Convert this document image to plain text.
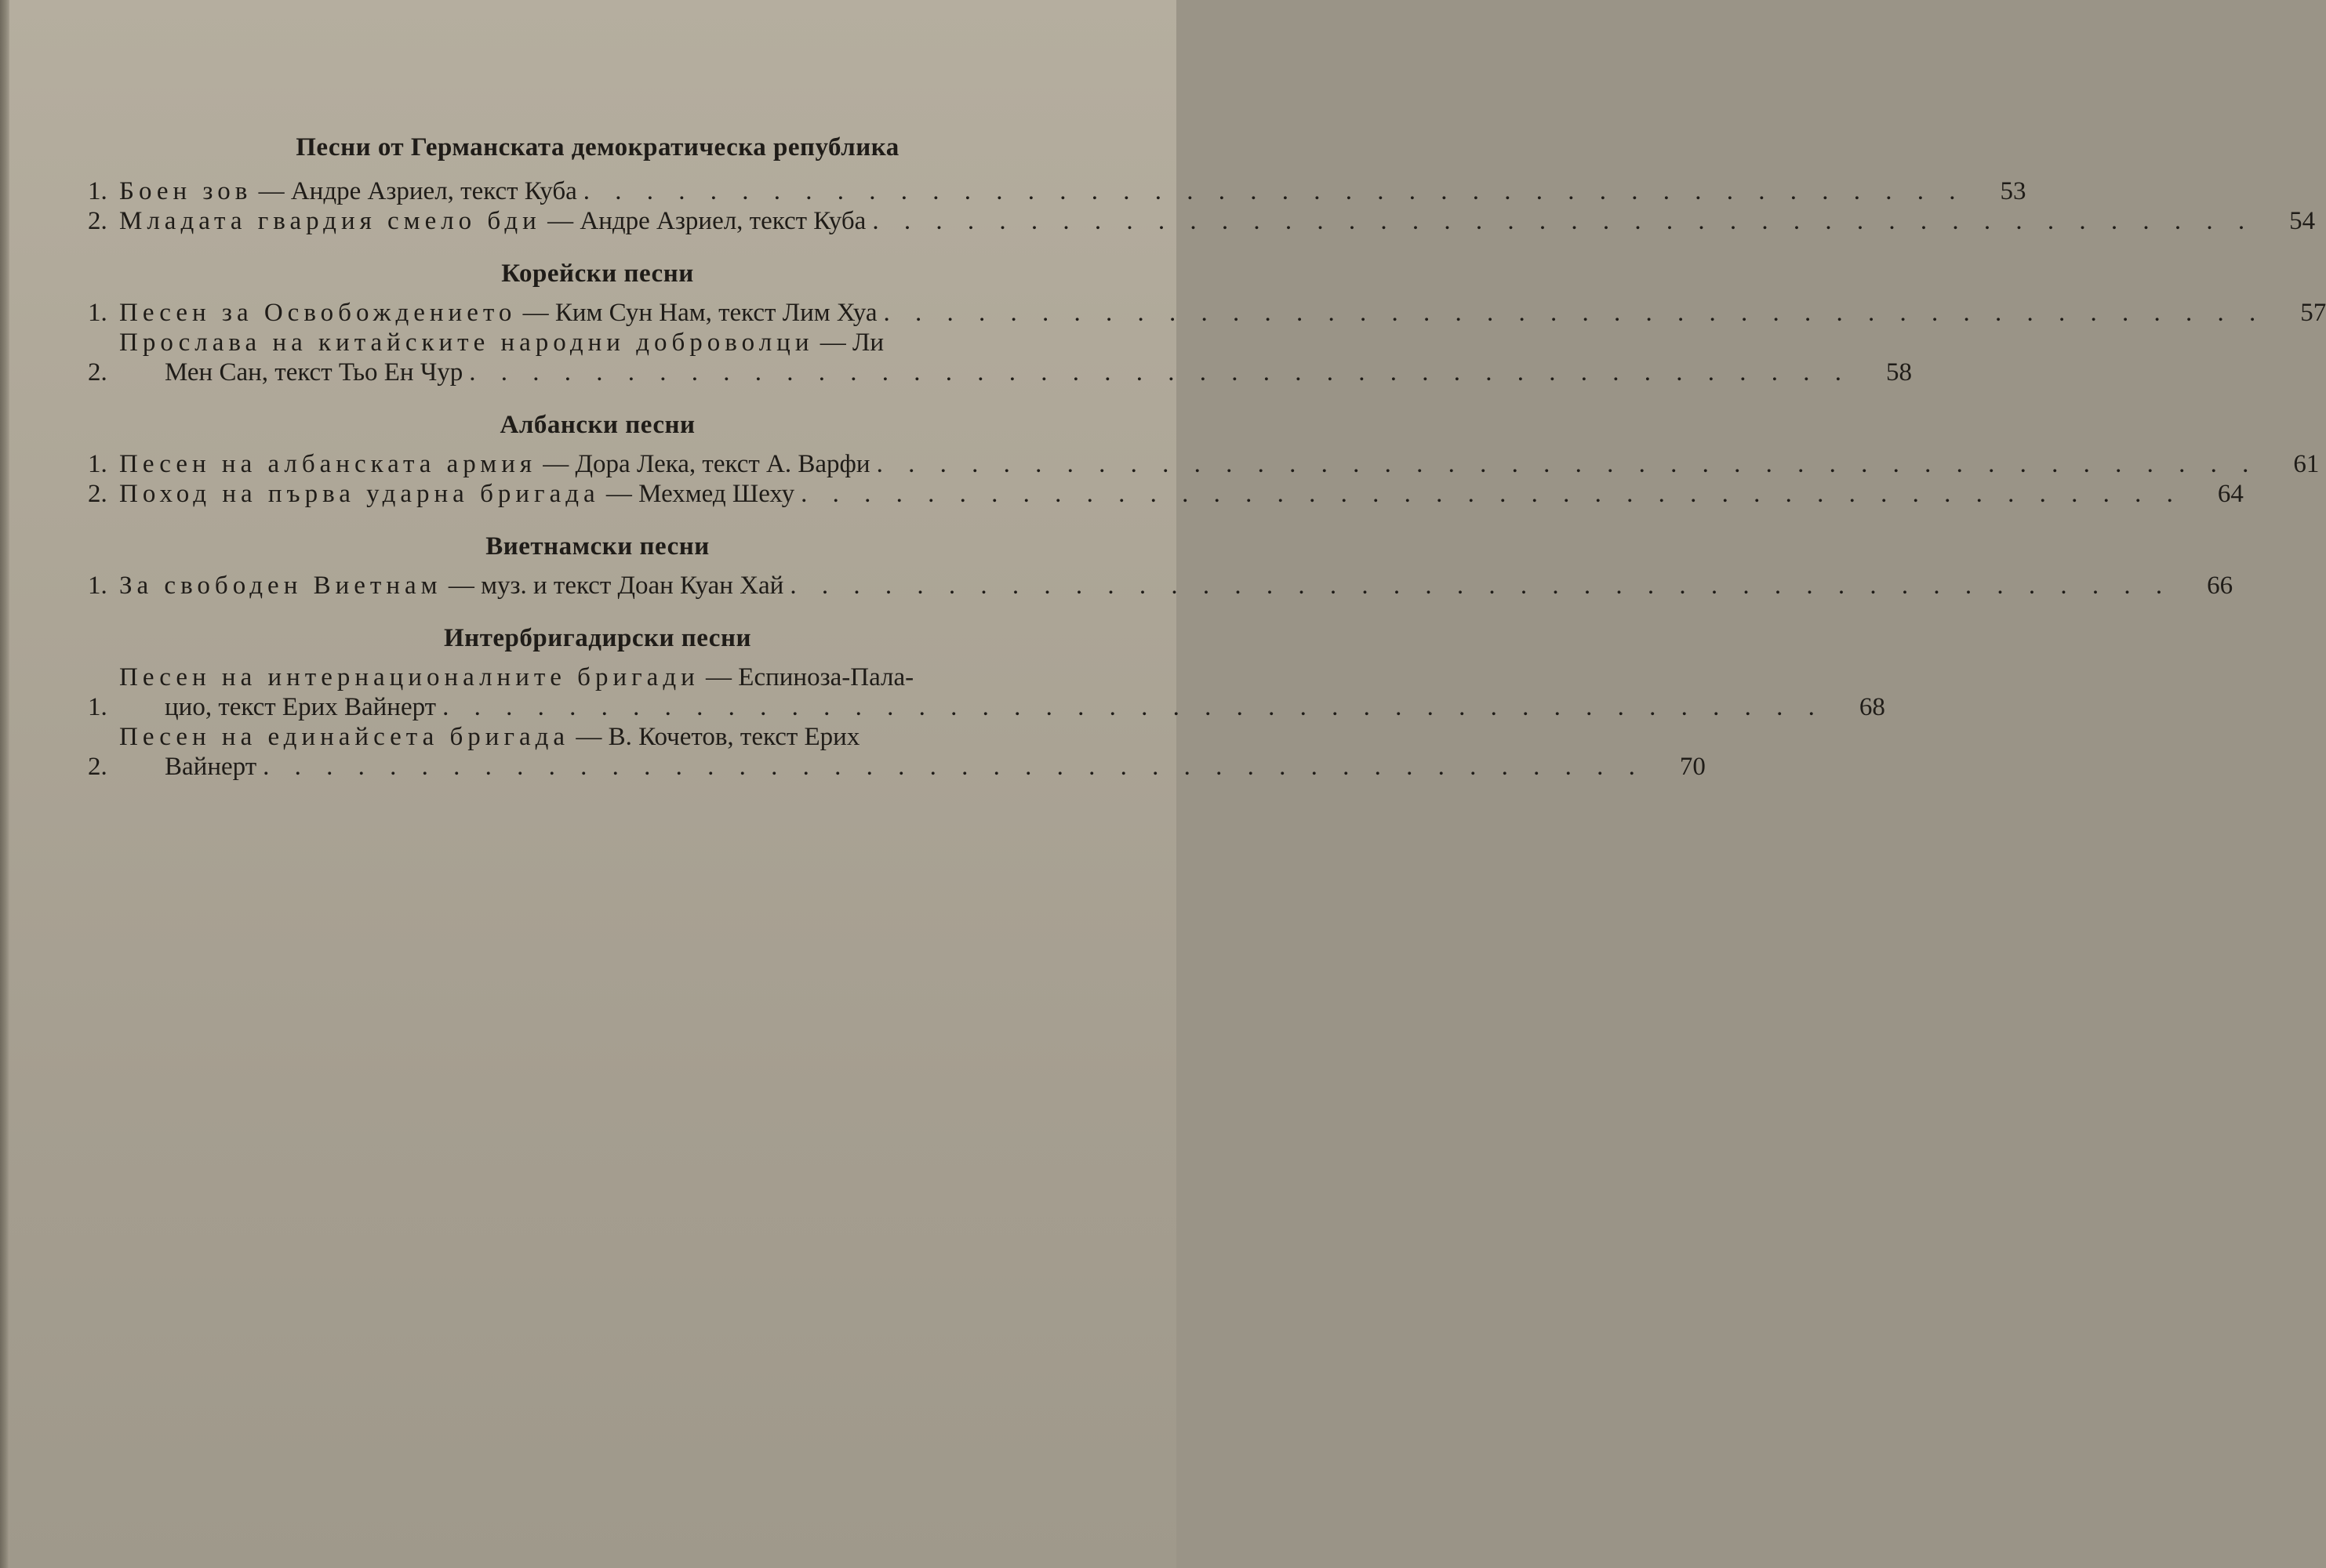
Песни от Германската демократическа република
1. Боен зов — Андре Азриел, текст Куба . . .	53
2. Младата гвардия смело бди — Андре Азриел, текст Куба . . .	54
Корейски песни
1. Песен за Освобождението — Ким Сун Нам, текст Лим Хуа . . .	57
2.
Прослава на китайските народни доброволци — Ли
Мен Сан, текст Тьо Ен Чур . . .	58
Албански песни
1. Песен на албанската армия — Дора Лека, текст А. Варфи . . .	61
2. Поход на първа ударна бригада — Мехмед Шеху . . .	64
Виетнамски песни
1. За свободен Виетнам — муз. и текст Доан Куан Хай . . .	66
Интербригадирски песни
1.
Песен на интернационалните бригади — Еспиноза-Пала-
цио, текст Ерих Вайнерт . . .	68
2.
Песен на единайсета бригада — В. Кочетов, текст Ерих
Вайнерт . . .	70
